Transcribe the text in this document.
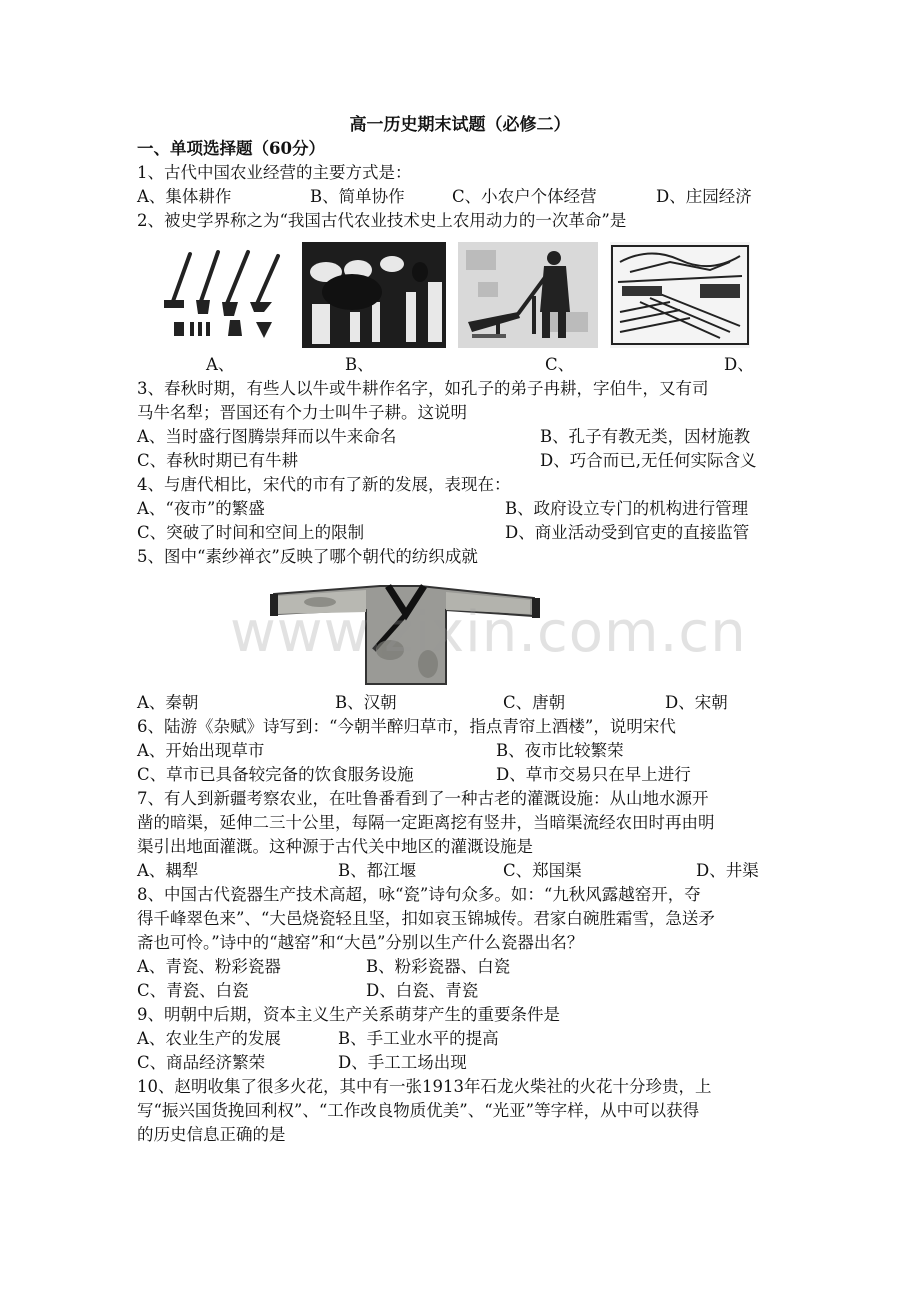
高一历史期末试题（必修二）
一、单项选择题（60分）
1、古代中国农业经营的主要方式是：
A、集体耕作	B、简单协作	C、小农户个体经营	D、庄园经济
2、被史学界称之为“我国古代农业技术史上农用动力的一次革命”是
A、	B、	C、	D、
3、春秋时期，有些人以牛或牛耕作名字，如孔子的弟子冉耕，字伯牛，又有司
马牛名犁；晋国还有个力士叫牛子耕。这说明
A、当时盛行图腾崇拜而以牛来命名	B、孔子有教无类，因材施教
C、春秋时期已有牛耕	D、巧合而已,无任何实际含义
4、与唐代相比，宋代的市有了新的发展，表现在：
A、“夜市”的繁盛	B、政府设立专门的机构进行管理
C、突破了时间和空间上的限制	D、商业活动受到官吏的直接监管
5、图中“素纱禅衣”反映了哪个朝代的纺织成就
www.zixin.com.cn
A、秦朝	B、汉朝	C、唐朝	D、宋朝
6、陆游《杂赋》诗写到：“今朝半醉归草市，指点青帘上酒楼”，说明宋代
A、开始出现草市	B、夜市比较繁荣
C、草市已具备较完备的饮食服务设施	D、草市交易只在早上进行
7、有人到新疆考察农业，在吐鲁番看到了一种古老的灌溉设施：从山地水源开
凿的暗渠，延伸二三十公里，每隔一定距离挖有竖井，当暗渠流经农田时再由明
渠引出地面灌溉。这种源于古代关中地区的灌溉设施是
A、耦犁	B、都江堰	C、郑国渠	D、井渠
8、中国古代瓷器生产技术高超，咏“瓷”诗句众多。如：“九秋风露越窑开，夺
得千峰翠色来”、“大邑烧瓷轻且坚，扣如哀玉锦城传。君家白碗胜霜雪，急送矛
斋也可怜。”诗中的“越窑”和“大邑”分别以生产什么瓷器出名？
A、青瓷、粉彩瓷器	B、粉彩瓷器、白瓷
C、青瓷、白瓷	D、白瓷、青瓷
9、明朝中后期，资本主义生产关系萌芽产生的重要条件是
A、农业生产的发展	B、手工业水平的提高
C、商品经济繁荣	D、手工工场出现
10、赵明收集了很多火花，其中有一张1913年石龙火柴社的火花十分珍贵，上
写“振兴国货挽回利权”、“工作改良物质优美”、“光亚”等字样，从中可以获得
的历史信息正确的是
